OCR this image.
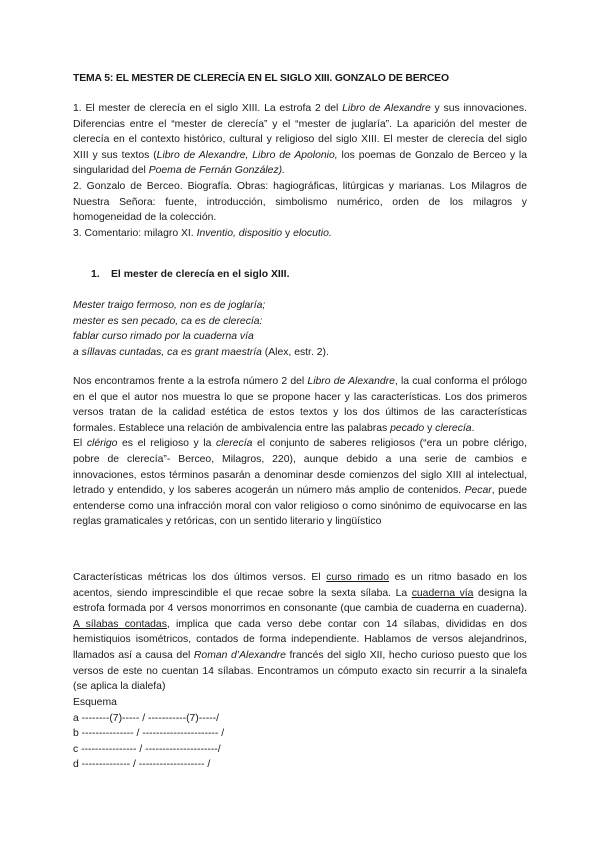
TEMA 5: EL MESTER DE CLERECÍA EN EL SIGLO XIII. GONZALO DE BERCEO

1. El mester de clerecía en el siglo XIII. La estrofa 2 del Libro de Alexandre y sus innovaciones. Diferencias entre el “mester de clerecía” y el “mester de juglaría”. La aparición del mester de clerecía en el contexto histórico, cultural y religioso del siglo XIII. El mester de clerecía del siglo XIII y sus textos (Libro de Alexandre, Libro de Apolonio, los poemas de Gonzalo de Berceo y la singularidad del Poema de Fernán González).

2. Gonzalo de Berceo. Biografía. Obras: hagiográficas, litúrgicas y marianas. Los Milagros de Nuestra Señora: fuente, introducción, simbolismo numérico, orden de los milagros y homogeneidad de la colección.

3. Comentario: milagro XI. Inventio, dispositio y elocutio.

1. El mester de clerecía en el siglo XIII.
Mester traigo fermoso, non es de joglaría;
mester es sen pecado, ca es de clerecía:
fablar curso rimado por la cuaderna vía
a síllavas cuntadas, ca es grant maestría (Alex, estr. 2).

Nos encontramos frente a la estrofa número 2 del Libro de Alexandre, la cual conforma el prólogo en el que el autor nos muestra lo que se propone hacer y las características. Los dos primeros versos tratan de la calidad estética de estos textos y los dos últimos de las características formales. Establece una relación de ambivalencia entre las palabras pecado y clerecía.

El clérigo es el religioso y la clerecía el conjunto de saberes religiosos (“era un pobre clérigo, pobre de clerecía”- Berceo, Milagros, 220), aunque debido a una serie de cambios e innovaciones, estos términos pasarán a denominar desde comienzos del siglo XIII al intelectual, letrado y entendido, y los saberes acogerán un número más amplio de contenidos. Pecar, puede entenderse como una infracción moral con valor religioso o como sinónimo de equivocarse en las reglas gramaticales y retóricas, con un sentido literario y lingüístico

Características métricas los dos últimos versos. El curso rimado es un ritmo basado en los acentos, siendo imprescindible el que recae sobre la sexta sílaba. La cuaderna vía designa la estrofa formada por 4 versos monorrimos en consonante (que cambia de cuaderna en cuaderna). A sílabas contadas, implica que cada verso debe contar con 14 sílabas, divididas en dos hemistiquios isométricos, contados de forma independiente. Hablamos de versos alejandrinos, llamados así a causa del Roman d’Alexandre francés del siglo XII, hecho curioso puesto que los versos de este no cuentan 14 sílabas. Encontramos un cómputo exacto sin recurrir a la sinalefa (se aplica la dialefa)

Esquema
a --------(7)----- / -----------(7)-----/
b --------------- / ---------------------- /
c ---------------- / ---------------------/
d -------------- / ------------------- /
